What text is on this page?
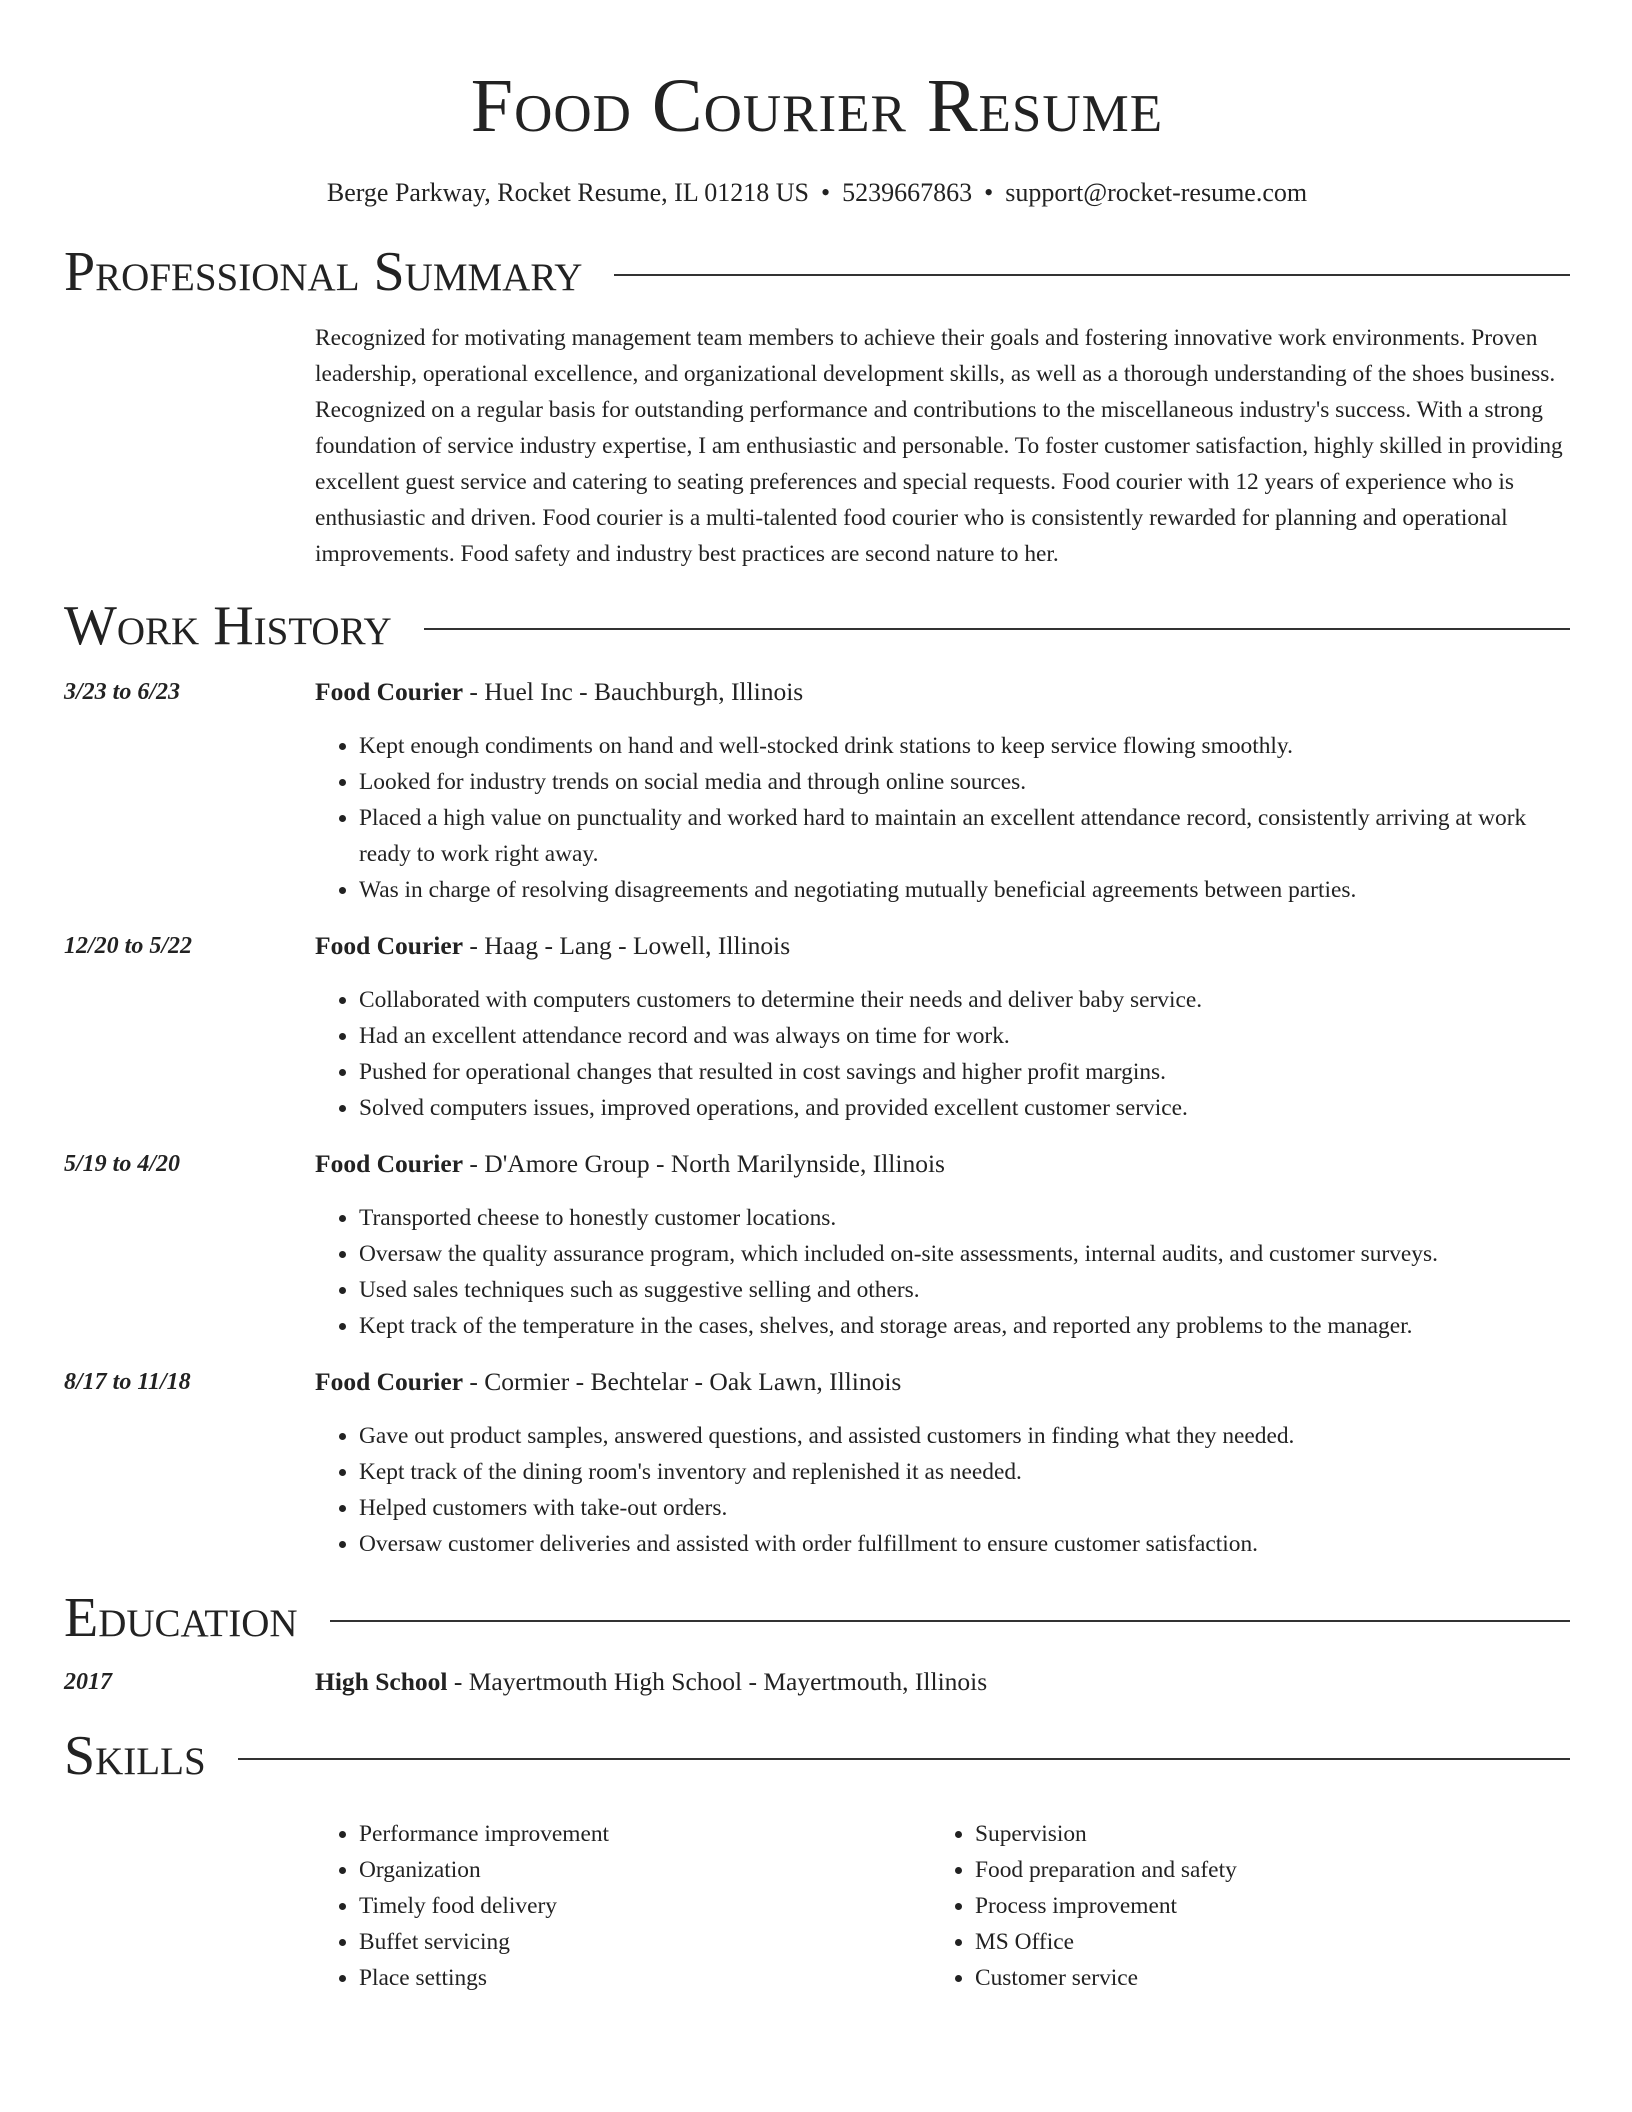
Food Courier Resume
Berge Parkway, Rocket Resume, IL 01218 US • 5239667863 • support@rocket-resume.com
Professional Summary
Recognized for motivating management team members to achieve their goals and fostering innovative work environments. Proven leadership, operational excellence, and organizational development skills, as well as a thorough understanding of the shoes business. Recognized on a regular basis for outstanding performance and contributions to the miscellaneous industry's success. With a strong foundation of service industry expertise, I am enthusiastic and personable. To foster customer satisfaction, highly skilled in providing excellent guest service and catering to seating preferences and special requests. Food courier with 12 years of experience who is enthusiastic and driven. Food courier is a multi-talented food courier who is consistently rewarded for planning and operational improvements. Food safety and industry best practices are second nature to her.
Work History
3/23 to 6/23	Food Courier - Huel Inc - Bauchburgh, Illinois
• Kept enough condiments on hand and well-stocked drink stations to keep service flowing smoothly.
• Looked for industry trends on social media and through online sources.
• Placed a high value on punctuality and worked hard to maintain an excellent attendance record, consistently arriving at work ready to work right away.
• Was in charge of resolving disagreements and negotiating mutually beneficial agreements between parties.
12/20 to 5/22	Food Courier - Haag - Lang - Lowell, Illinois
• Collaborated with computers customers to determine their needs and deliver baby service.
• Had an excellent attendance record and was always on time for work.
• Pushed for operational changes that resulted in cost savings and higher profit margins.
• Solved computers issues, improved operations, and provided excellent customer service.
5/19 to 4/20	Food Courier - D'Amore Group - North Marilynside, Illinois
• Transported cheese to honestly customer locations.
• Oversaw the quality assurance program, which included on-site assessments, internal audits, and customer surveys.
• Used sales techniques such as suggestive selling and others.
• Kept track of the temperature in the cases, shelves, and storage areas, and reported any problems to the manager.
8/17 to 11/18	Food Courier - Cormier - Bechtelar - Oak Lawn, Illinois
• Gave out product samples, answered questions, and assisted customers in finding what they needed.
• Kept track of the dining room's inventory and replenished it as needed.
• Helped customers with take-out orders.
• Oversaw customer deliveries and assisted with order fulfillment to ensure customer satisfaction.
Education
2017	High School - Mayertmouth High School - Mayertmouth, Illinois
Skills
• Performance improvement
• Organization
• Timely food delivery
• Buffet servicing
• Place settings
• Supervision
• Food preparation and safety
• Process improvement
• MS Office
• Customer service
